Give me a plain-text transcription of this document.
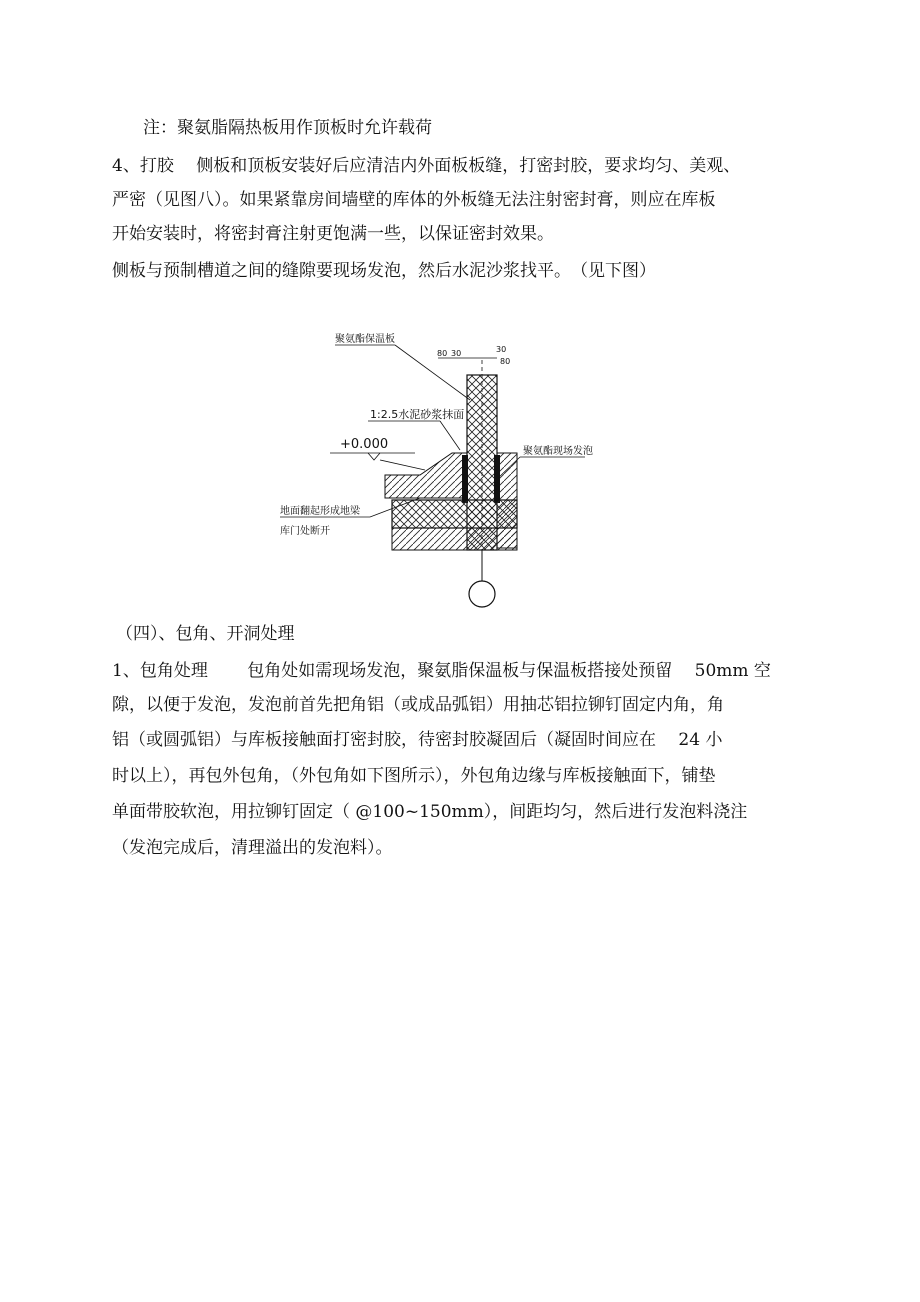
注：聚氨脂隔热板用作顶板时允许载荷
4、打胶　 侧板和顶板安装好后应清洁内外面板板缝，打密封胶，要求均匀、美观、
严密（见图八）。如果紧靠房间墙壁的库体的外板缝无法注射密封膏，则应在库板
开始安装时，将密封膏注射更饱满一些，以保证密封效果。
侧板与预制槽道之间的缝隙要现场发泡，然后水泥沙浆找平。　（见下图）
聚氨酯保温板
80 30	30
80
1:2.5水泥砂浆抹面
+0.000	聚氨酯现场发泡
地面翻起形成地梁
库门处断开
（四）、包角、开洞处理
1、包角处理　　 包角处如需现场发泡，聚氨脂保温板与保温板搭接处预留　 50mm 空
隙，以便于发泡，发泡前首先把角铝（或成品弧铝）用抽芯铝拉铆钉固定内角，角
铝（或圆弧铝）与库板接触面打密封胶，待密封胶凝固后（凝固时间应在　 24 小
时以上），再包外包角，（外包角如下图所示），外包角边缘与库板接触面下，铺垫
单面带胶软泡，用拉铆钉固定（ @100~150mm），间距均匀，然后进行发泡料浇注
（发泡完成后，清理溢出的发泡料）。
